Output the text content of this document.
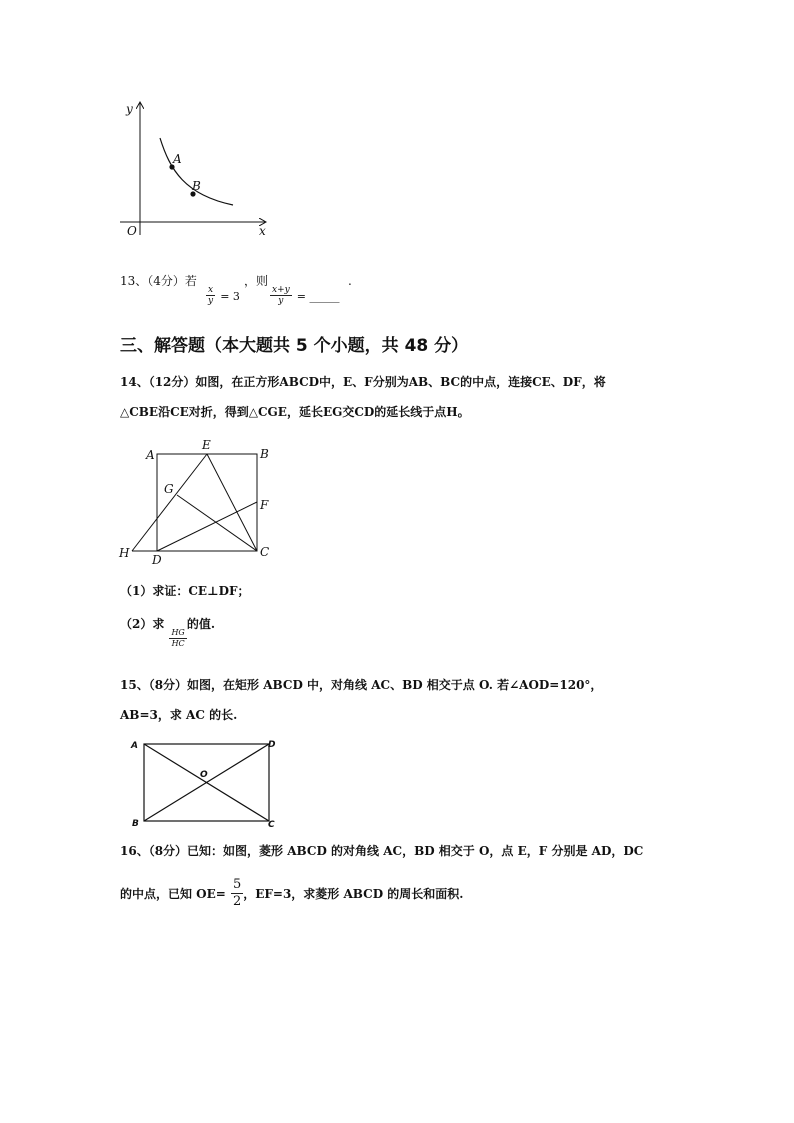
y
x
O
A
B
13、（4分）若
$\frac{x}{y} = 3$
，则
$\frac{x+y}{y}$ = _____
.
三、解答题（本大题共 5 个小题，共 48 分）
14、（12分）如图，在正方形ABCD中，E、F分别为AB、BC的中点，连接CE、DF，将
△CBE沿CE对折，得到△CGE，延长EG交CD的延长线于点H。
A
E
B
G
F
H D
C
（1）求证：CE⊥DF；
（2）求
$\frac{HG}{HC}$
的值.
15、（8分）如图，在矩形 ABCD 中，对角线 AC、BD 相交于点 O. 若∠AOD=120°，
AB=3，求 AC 的长.
A	D
O
B	C
16、（8分）已知：如图，菱形 ABCD 的对角线 AC，BD 相交于 O，点 E，F 分别是 AD，DC
的中点，已知 $OE= \frac{5}{2}$ ，EF=3，求菱形 ABCD 的周长和面积.
